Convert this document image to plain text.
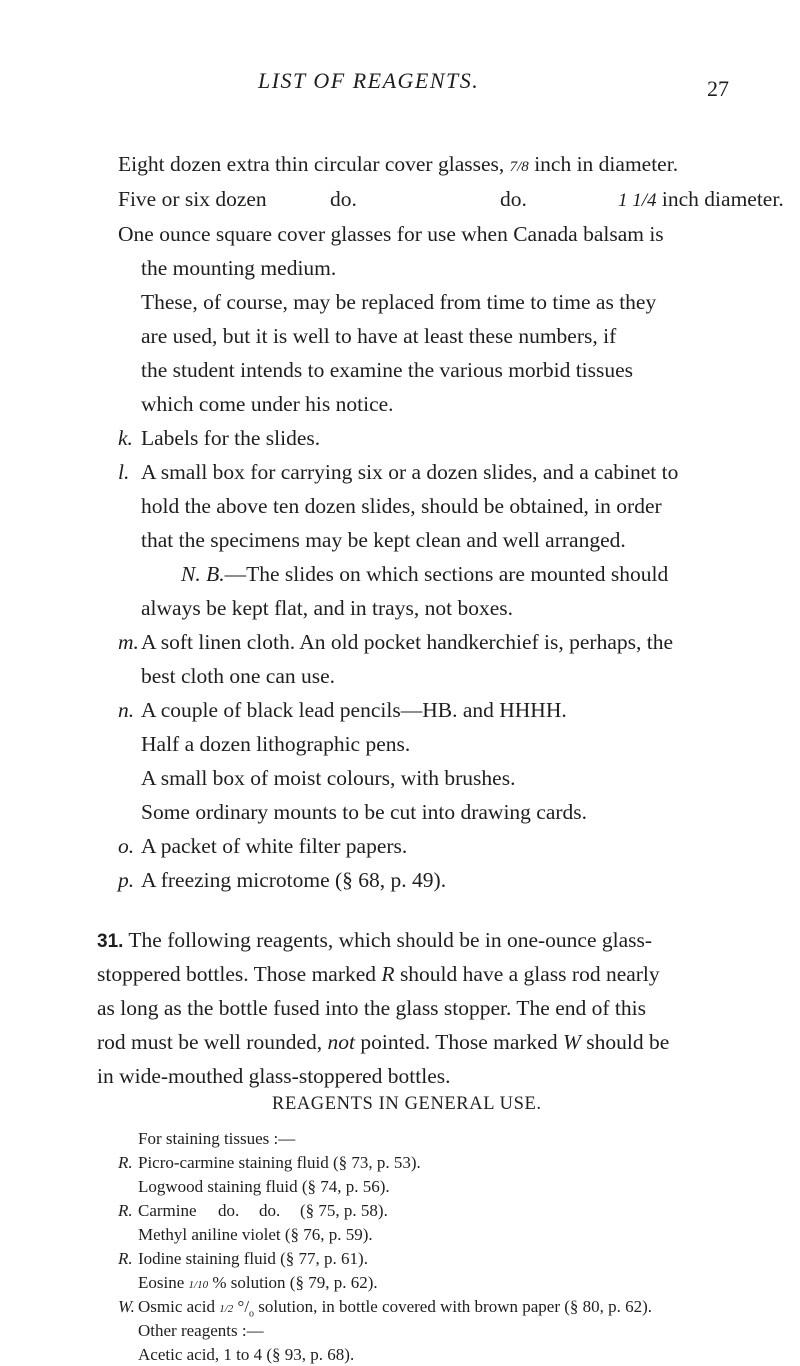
LIST OF REAGENTS.	27
Eight dozen extra thin circular cover glasses, 7/8 inch in diameter.
Five or six dozen	do.	do.	1 1/4 inch diameter.
One ounce square cover glasses for use when Canada balsam is
the mounting medium.
These, of course, may be replaced from time to time as they
are used, but it is well to have at least these numbers, if
the student intends to examine the various morbid tissues
which come under his notice.
k. Labels for the slides.
l. A small box for carrying six or a dozen slides, and a cabinet to
hold the above ten dozen slides, should be obtained, in order
that the specimens may be kept clean and well arranged.
N. B.—The slides on which sections are mounted should
always be kept flat, and in trays, not boxes.
m. A soft linen cloth. An old pocket handkerchief is, perhaps, the
best cloth one can use.
n. A couple of black lead pencils—HB. and HHHH.
Half a dozen lithographic pens.
A small box of moist colours, with brushes.
Some ordinary mounts to be cut into drawing cards.
o. A packet of white filter papers.
p. A freezing microtome (§ 68, p. 49).
31. The following reagents, which should be in one-ounce glass-
stoppered bottles. Those marked R should have a glass rod nearly
as long as the bottle fused into the glass stopper. The end of this
rod must be well rounded, not pointed. Those marked W should be
in wide-mouthed glass-stoppered bottles.
REAGENTS IN GENERAL USE.
For staining tissues :—
R. Picro-carmine staining fluid (§ 73, p. 53).
Logwood staining fluid (§ 74, p. 56).
R. Carmine do. do. (§ 75, p. 58).
Methyl aniline violet (§ 76, p. 59).
R. Iodine staining fluid (§ 77, p. 61).
Eosine 1/10 % solution (§ 79, p. 62).
W. Osmic acid 1/2 $^\circ/_o$ solution, in bottle covered with brown paper (§ 80, p. 62).
Other reagents :—
Acetic acid, 1 to 4 (§ 93, p. 68).
